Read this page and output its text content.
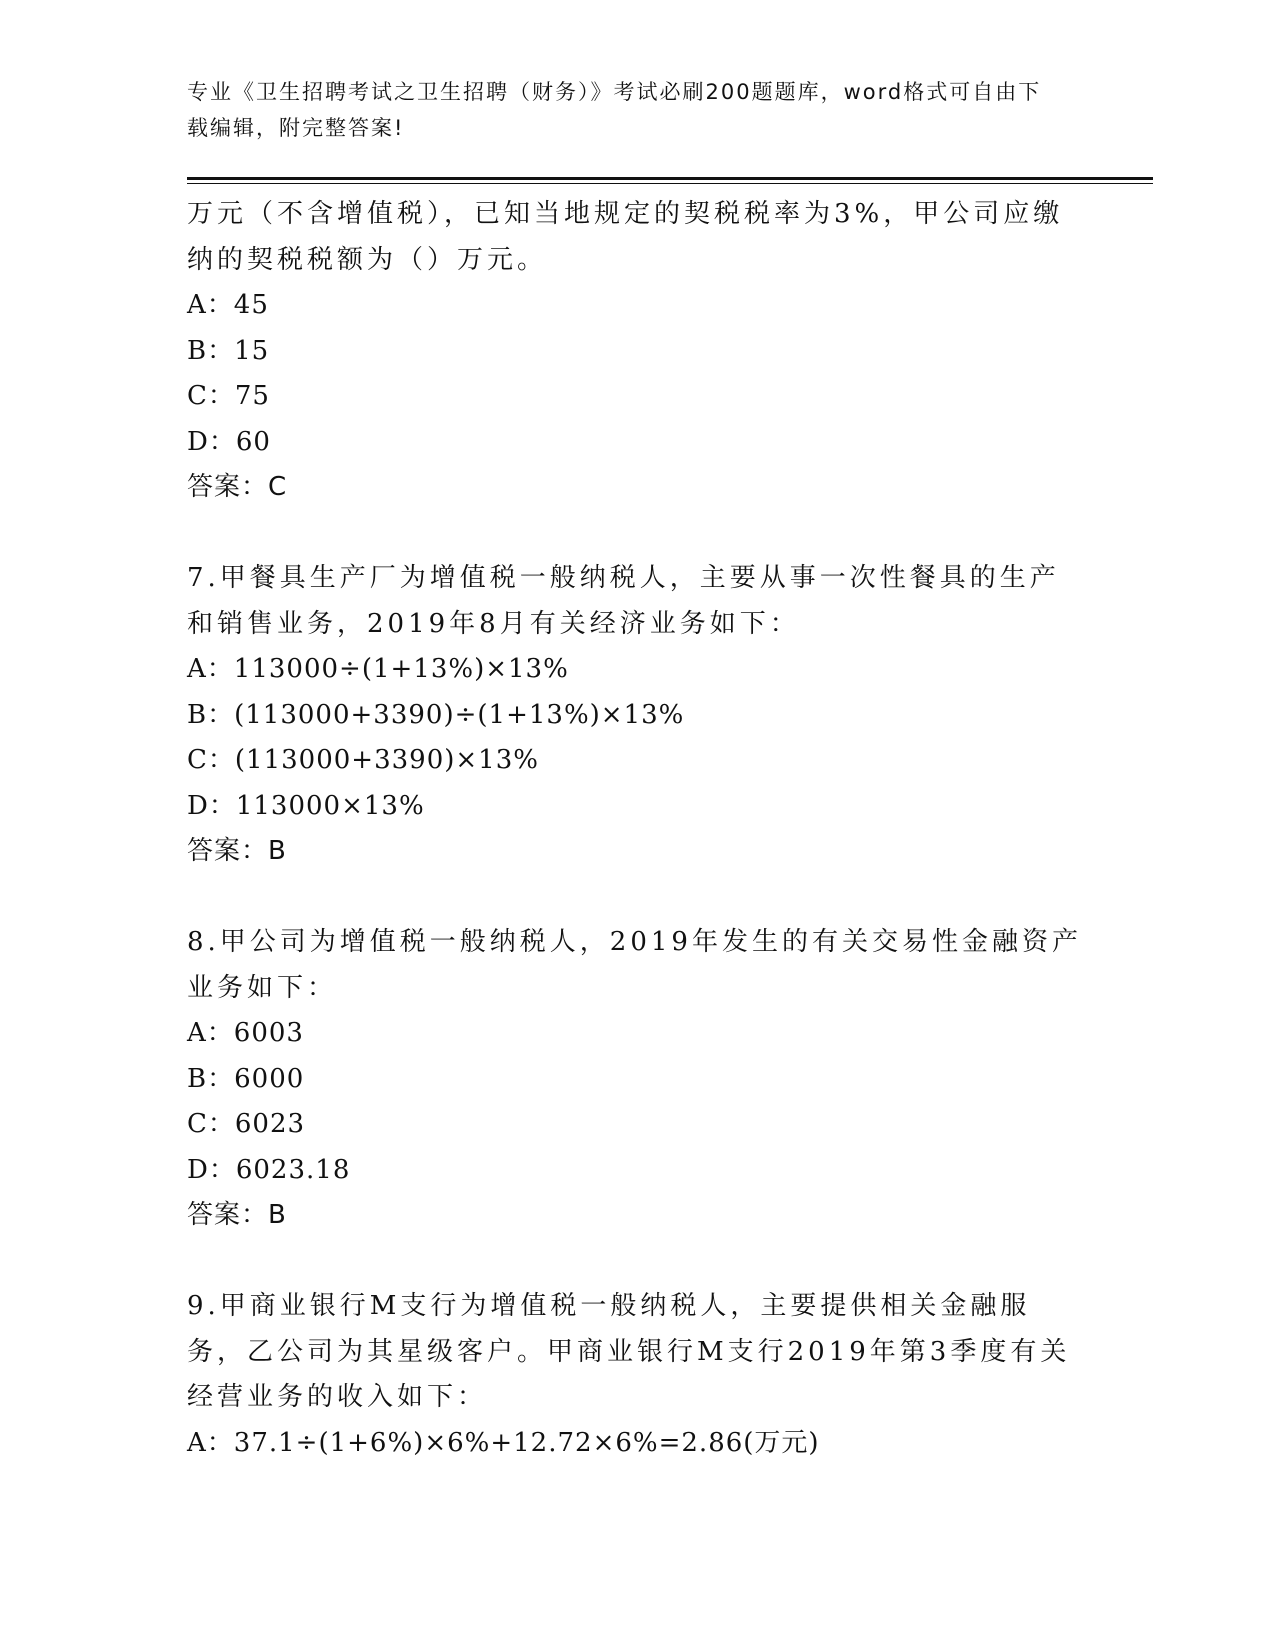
专业《卫生招聘考试之卫生招聘（财务）》考试必刷200题题库，word格式可自由下载编辑，附完整答案!

万元（不含增值税），已知当地规定的契税税率为3%，甲公司应缴纳的契税税额为（）万元。

A：45

B：15

C：75

D：60

答案：C

7.甲餐具生产厂为增值税一般纳税人，主要从事一次性餐具的生产和销售业务，2019年8月有关经济业务如下：

A：113000÷(1+13%)×13%

B：(113000+3390)÷(1+13%)×13%

C：(113000+3390)×13%

D：113000×13%

答案：B

8.甲公司为增值税一般纳税人，2019年发生的有关交易性金融资产业务如下：

A：6003

B：6000

C：6023

D：6023.18

答案：B

9.甲商业银行M支行为增值税一般纳税人，主要提供相关金融服务，乙公司为其星级客户。甲商业银行M支行2019年第3季度有关经营业务的收入如下：

A：37.1÷(1+6%)×6%+12.72×6%=2.86(万元)
